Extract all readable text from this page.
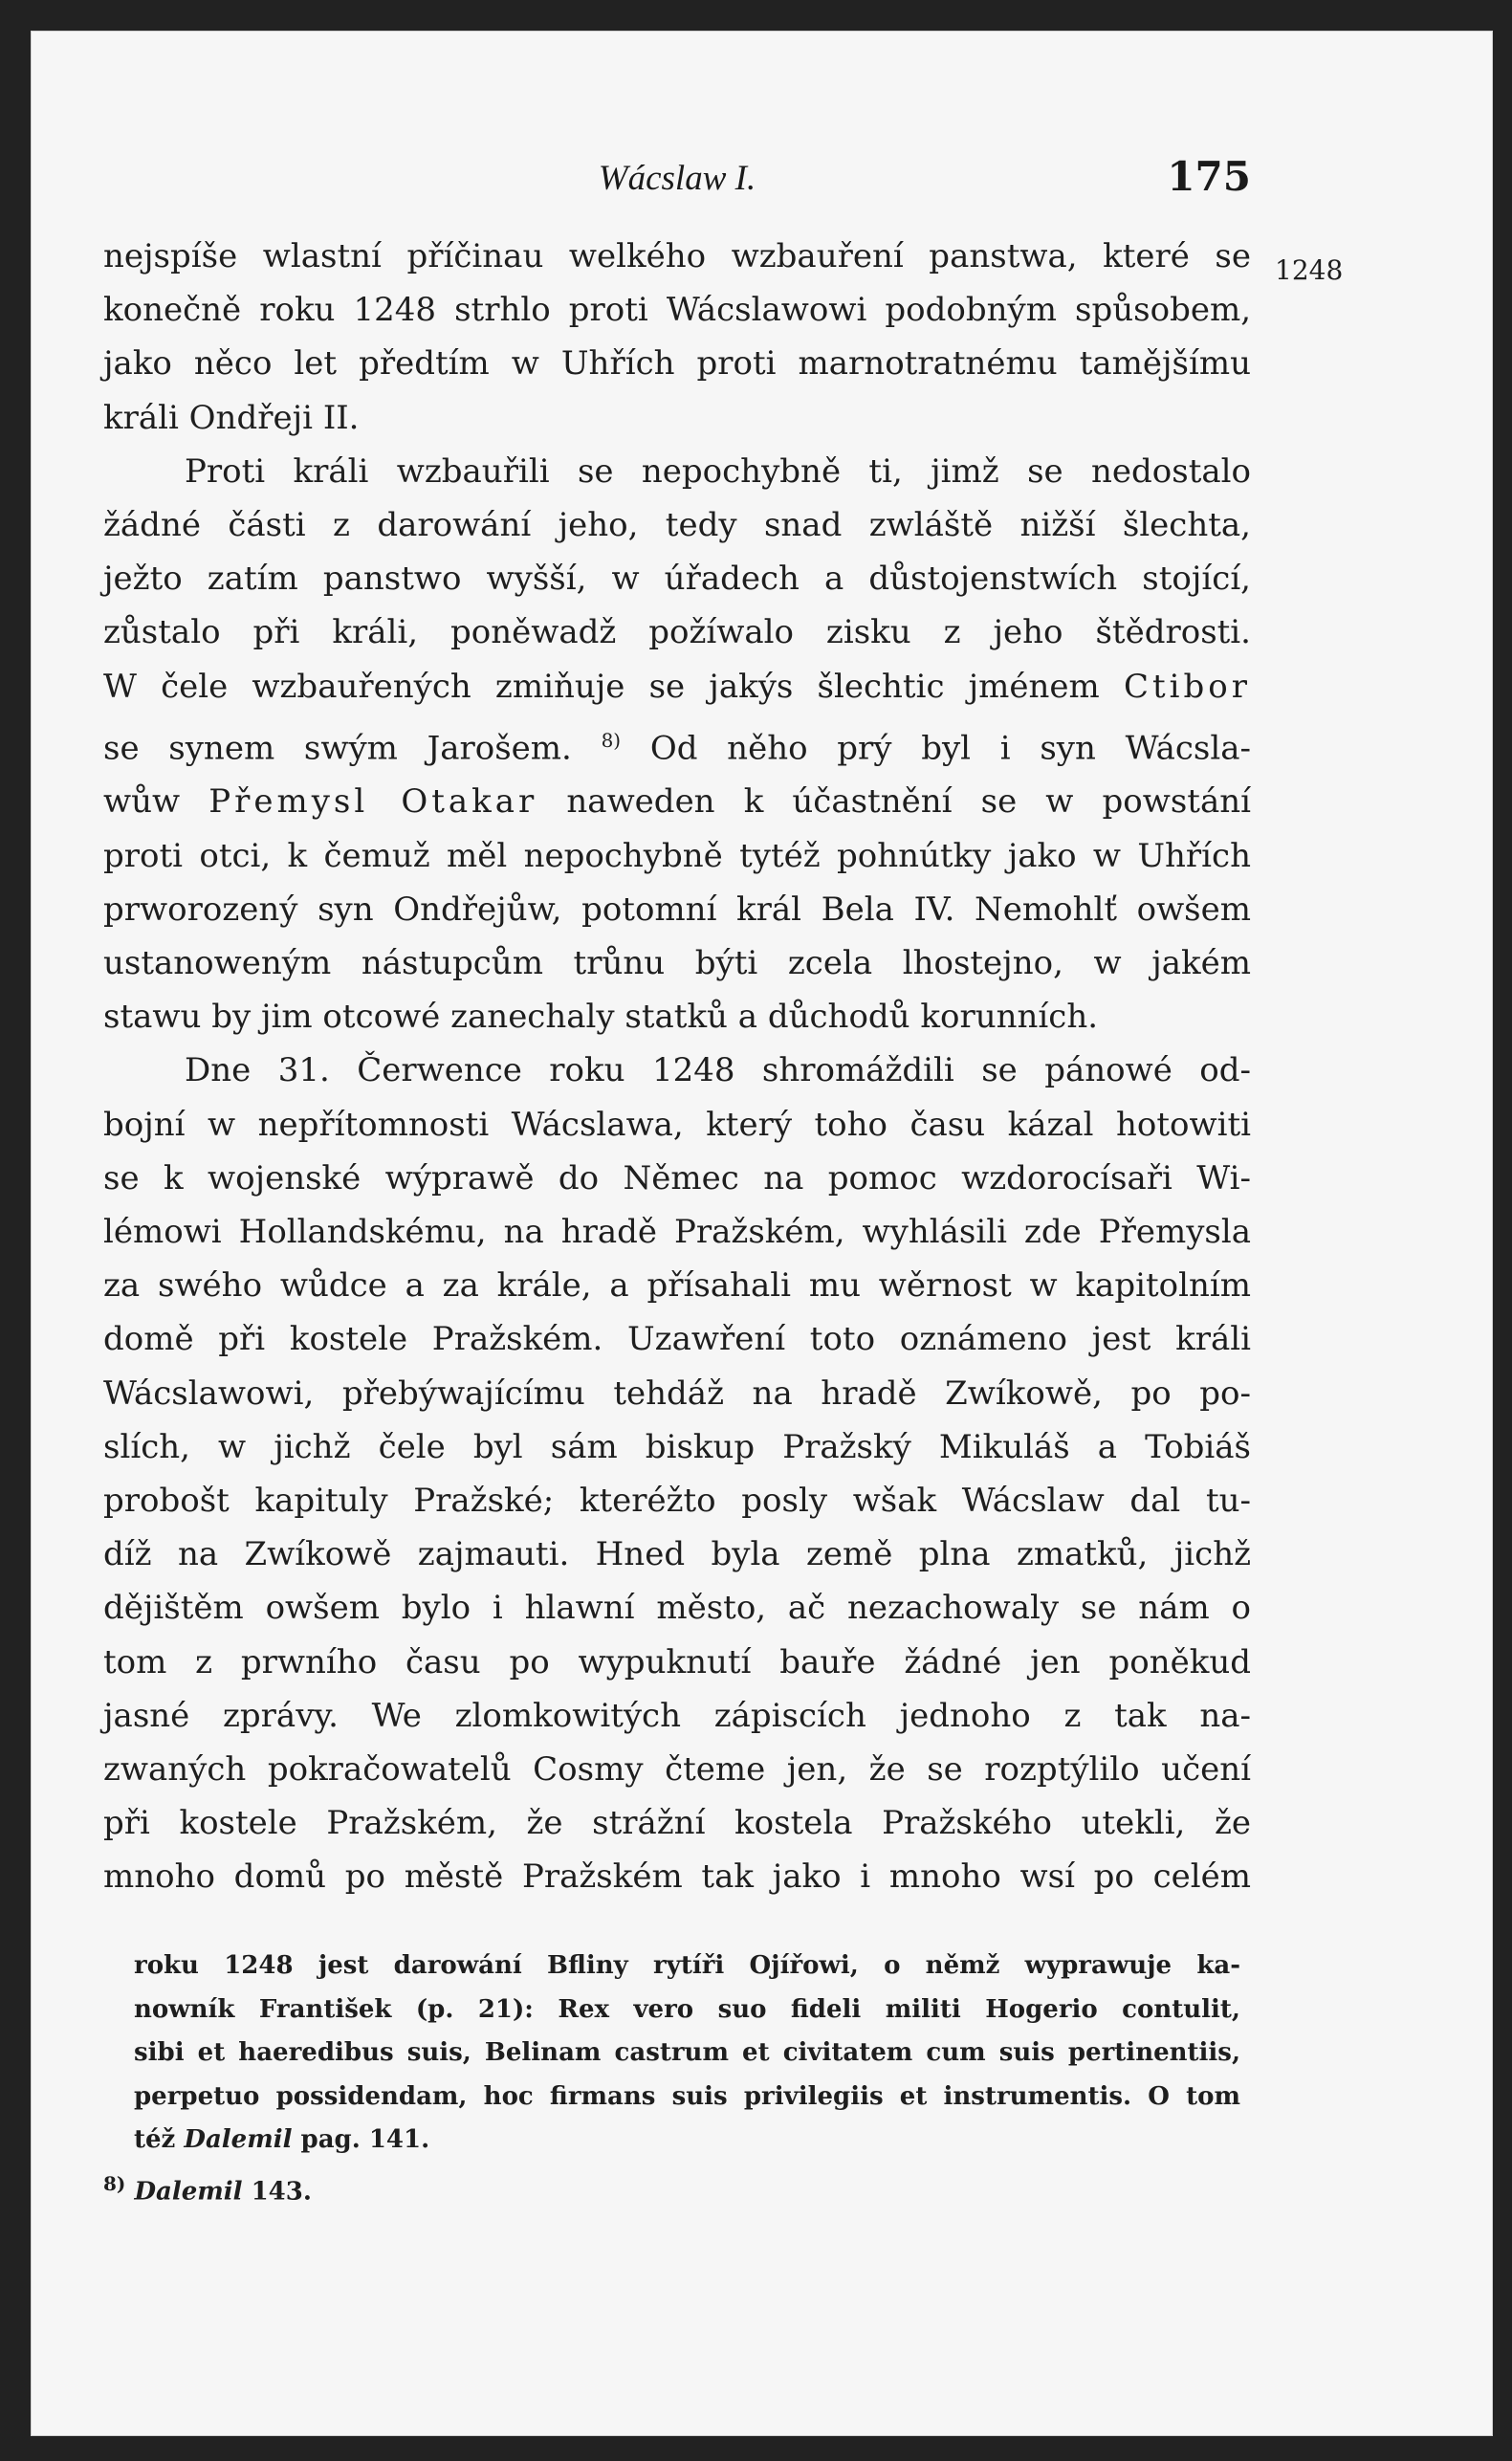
Wácslaw I.	175
1248
nejspíše wlastní příčinau welkého wzbauření panstwa, které se
konečně roku 1248 strhlo proti Wácslawowi podobným spůsobem,
jako něco let předtím w Uhřích proti marnotratnému tamějšímu
králi Ondřeji II.
Proti králi wzbauřili se nepochybně ti, jimž se nedostalo
žádné části z darowání jeho, tedy snad zwláště nižší šlechta,
ježto zatím panstwo wyšší, w úřadech a důstojenstwích stojící,
zůstalo při králi, poněwadž požíwalo zisku z jeho štědrosti.
W čele wzbauřených zmiňuje se jakýs šlechtic jménem Ctibor
se synem swým Jarošem. $^{8)}$ Od něho prý byl i syn Wácsla-
wůw Přemysl Otakar naweden k účastnění se w powstání
proti otci, k čemuž měl nepochybně tytéž pohnútky jako w Uhřích
prworozený syn Ondřejůw, potomní král Bela IV. Nemohlť owšem
ustanoweným nástupcům trůnu býti zcela lhostejno, w jakém
stawu by jim otcowé zanechaly statků a důchodů korunních.
Dne 31. Čerwence roku 1248 shromáždili se pánowé od-
bojní w nepřítomnosti Wácslawa, který toho času kázal hotowiti
se k wojenské wýprawě do Němec na pomoc wzdorocísaři Wi-
lémowi Hollandskému, na hradě Pražském, wyhlásili zde Přemysla
za swého wůdce a za krále, a přísahali mu wěrnost w kapitolním
domě při kostele Pražském. Uzawření toto oznámeno jest králi
Wácslawowi, přebýwajícímu tehdáž na hradě Zwíkowě, po po-
slích, w jichž čele byl sám biskup Pražský Mikuláš a Tobiáš
probošt kapituly Pražské; kteréžto posly wšak Wácslaw dal tu-
díž na Zwíkowě zajmauti. Hned byla země plna zmatků, jichž
dějištěm owšem bylo i hlawní město, ač nezachowaly se nám o
tom z prwního času po wypuknutí bauře žádné jen poněkud
jasné zprávy. We zlomkowitých zápiscích jednoho z tak na-
zwaných pokračowatelů Cosmy čteme jen, že se rozptýlilo učení
při kostele Pražském, že strážní kostela Pražského utekli, že
mnoho domů po městě Pražském tak jako i mnoho wsí po celém
roku 1248 jest darowání Bfliny rytíři Ojířowi, o němž wyprawuje ka-
nowník František (p. 21): Rex vero suo fideli militi Hogerio contulit,
sibi et haeredibus suis, Belinam castrum et civitatem cum suis pertinentiis,
perpetuo possidendam, hoc firmans suis privilegiis et instrumentis. O tom
též Dalemil pag. 141.
$^{8)}$ Dalemil 143.
